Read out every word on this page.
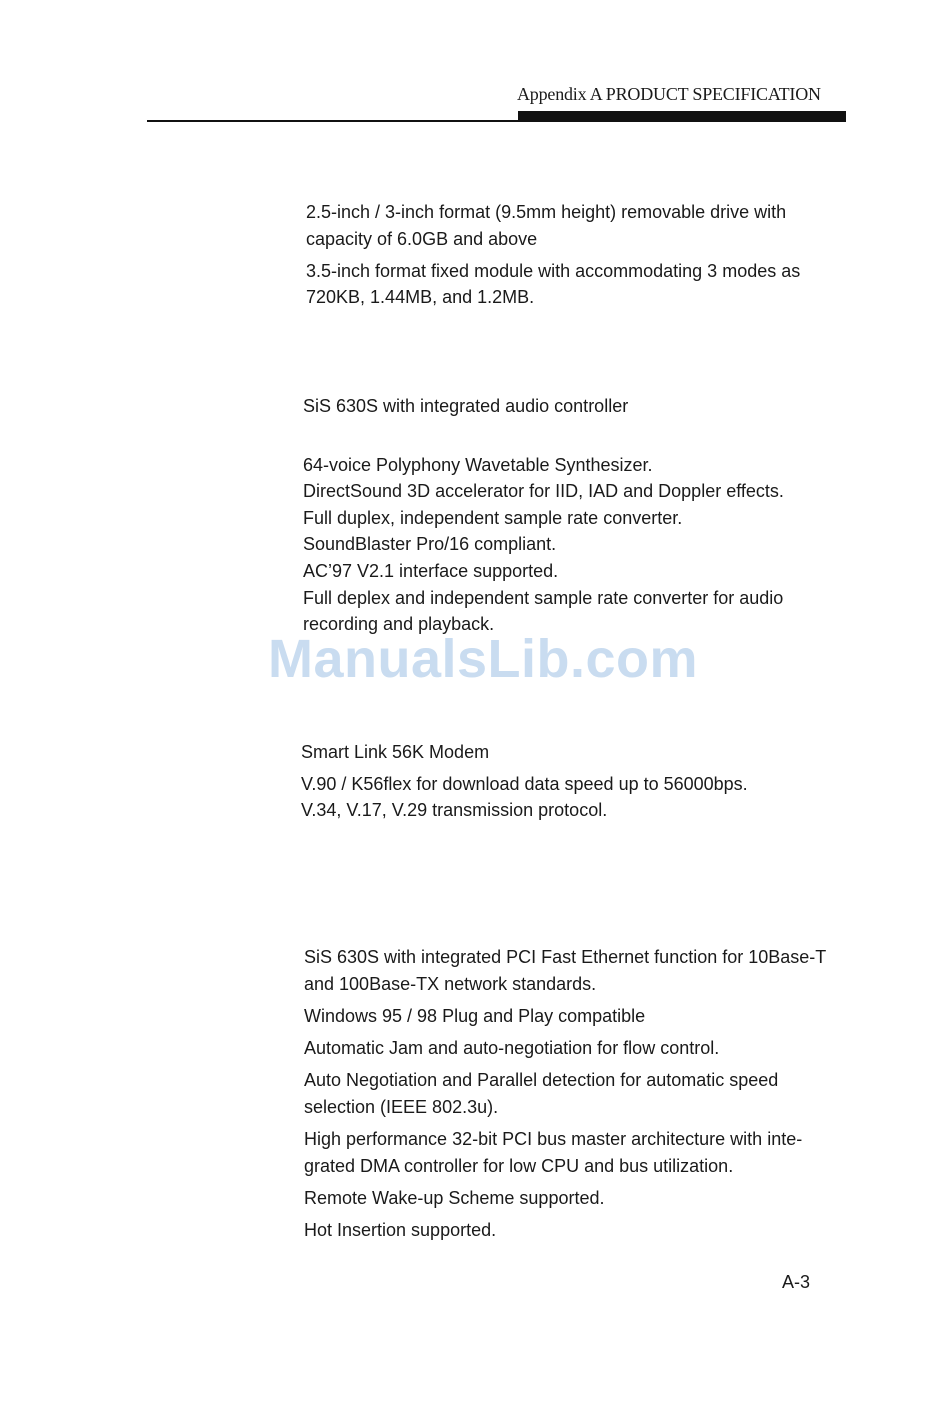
Appendix A PRODUCT SPECIFICATION

2.5-inch / 3-inch format (9.5mm height) removable drive with

capacity of 6.0GB and above

3.5-inch format fixed module with accommodating 3 modes as

720KB, 1.44MB, and 1.2MB.

SiS 630S with integrated audio controller

64-voice Polyphony Wavetable Synthesizer.

DirectSound 3D accelerator for IID, IAD and Doppler effects.

Full duplex, independent sample rate converter.

SoundBlaster Pro/16 compliant.

AC’97 V2.1 interface supported.

Full deplex and independent sample rate converter for audio

recording and playback.

ManualsLib.com

Smart Link 56K Modem

V.90 / K56flex for download data speed up to 56000bps.

V.34, V.17, V.29 transmission protocol.

SiS 630S with integrated PCI Fast Ethernet function for 10Base-T

and 100Base-TX network standards.

Windows 95 / 98 Plug and Play compatible

Automatic Jam and auto-negotiation for flow control.

Auto Negotiation and Parallel detection for automatic speed

selection (IEEE 802.3u).

High performance 32-bit PCI bus master architecture with inte-

grated DMA controller for low CPU and bus utilization.

Remote Wake-up Scheme supported.

Hot Insertion supported.

A-3
